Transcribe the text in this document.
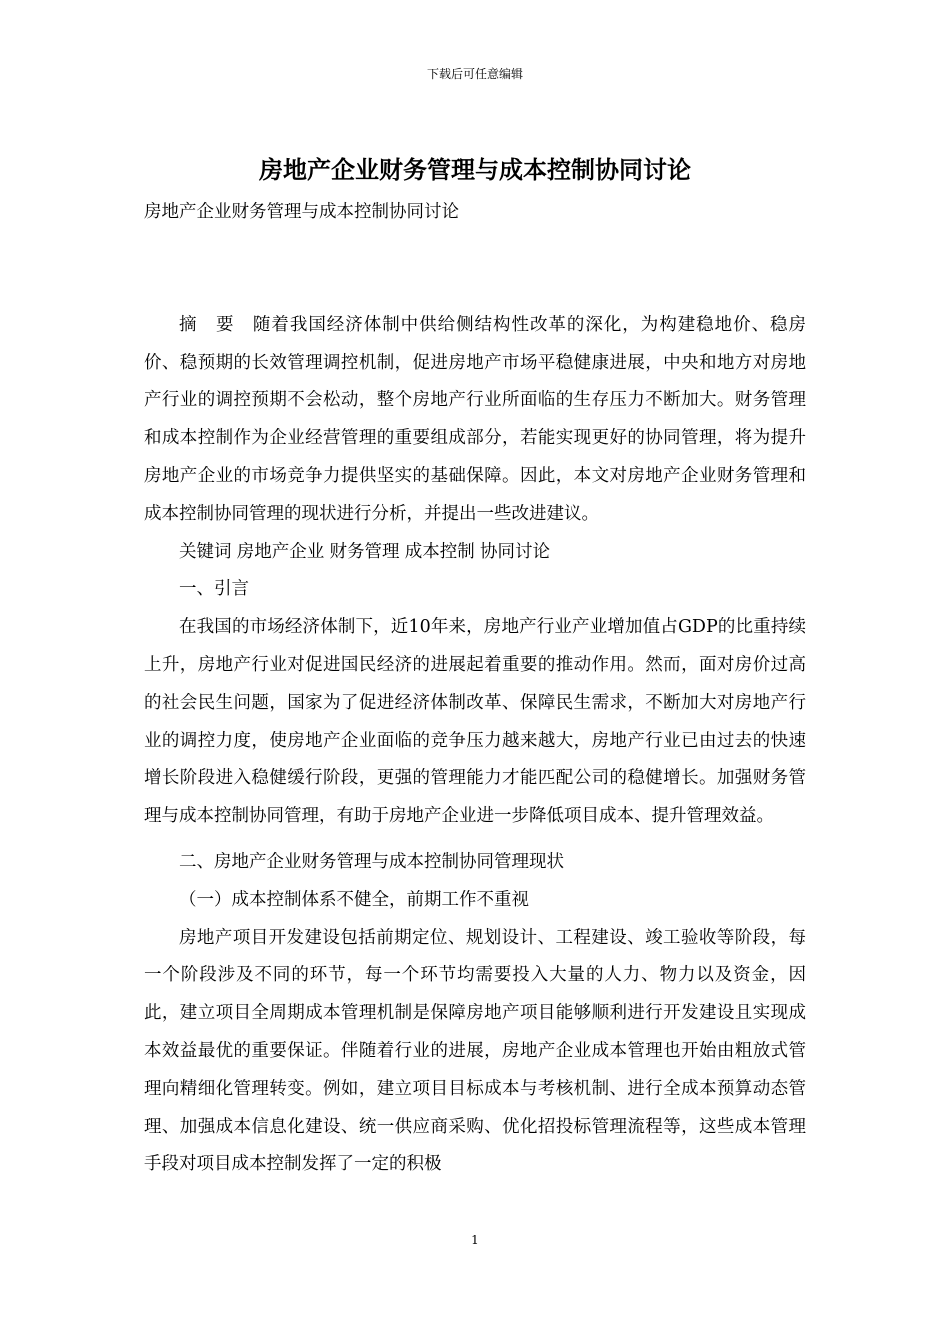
下载后可任意编辑
房地产企业财务管理与成本控制协同讨论

房地产企业财务管理与成本控制协同讨论

摘　要　 随着我国经济体制中供给侧结构性改革的深化，为构建稳地价、稳房价、稳预期的长效管理调控机制，促进房地产市场平稳健康进展，中央和地方对房地产行业的调控预期不会松动，整个房地产行业所面临的生存压力不断加大。财务管理和成本控制作为企业经营管理的重要组成部分，若能实现更好的协同管理，将为提升房地产企业的市场竞争力提供坚实的基础保障。因此，本文对房地产企业财务管理和成本控制协同管理的现状进行分析，并提出一些改进建议。

关键词 房地产企业 财务管理 成本控制 协同讨论

一、引言

在我国的市场经济体制下，近10年来，房地产行业产业增加值占GDP的比重持续上升，房地产行业对促进国民经济的进展起着重要的推动作用。然而，面对房价过高的社会民生问题，国家为了促进经济体制改革、保障民生需求，不断加大对房地产行业的调控力度，使房地产企业面临的竞争压力越来越大，房地产行业已由过去的快速增长阶段进入稳健缓行阶段，更强的管理能力才能匹配公司的稳健增长。加强财务管理与成本控制协同管理，有助于房地产企业进一步降低项目成本、提升管理效益。

二、房地产企业财务管理与成本控制协同管理现状

（一）成本控制体系不健全，前期工作不重视

房地产项目开发建设包括前期定位、规划设计、工程建设、竣工验收等阶段，每一个阶段涉及不同的环节，每一个环节均需要投入大量的人力、物力以及资金，因此，建立项目全周期成本管理机制是保障房地产项目能够顺利进行开发建设且实现成本效益最优的重要保证。伴随着行业的进展，房地产企业成本管理也开始由粗放式管理向精细化管理转变。例如，建立项目目标成本与考核机制、进行全成本预算动态管理、加强成本信息化建设、统一供应商采购、优化招投标管理流程等，这些成本管理手段对项目成本控制发挥了一定的积极

1
